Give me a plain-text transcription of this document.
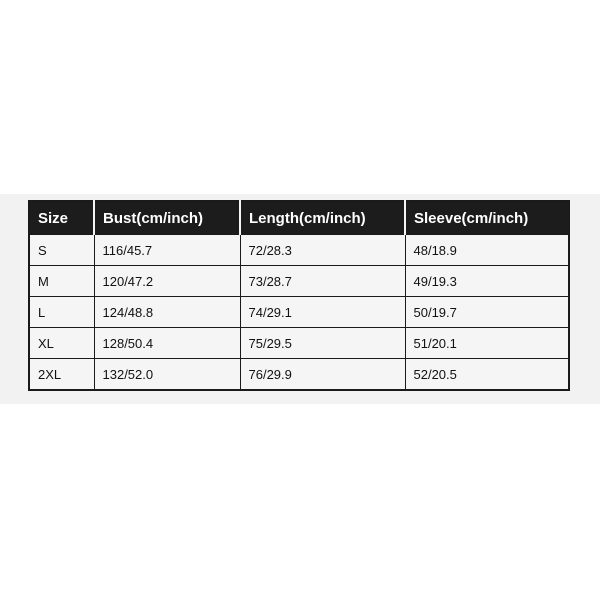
Size	Bust(cm/inch)	Length(cm/inch)	Sleeve(cm/inch)
S	116/45.7	72/28.3	48/18.9
M	120/47.2	73/28.7	49/19.3
L	124/48.8	74/29.1	50/19.7
XL	128/50.4	75/29.5	51/20.1
2XL	132/52.0	76/29.9	52/20.5
